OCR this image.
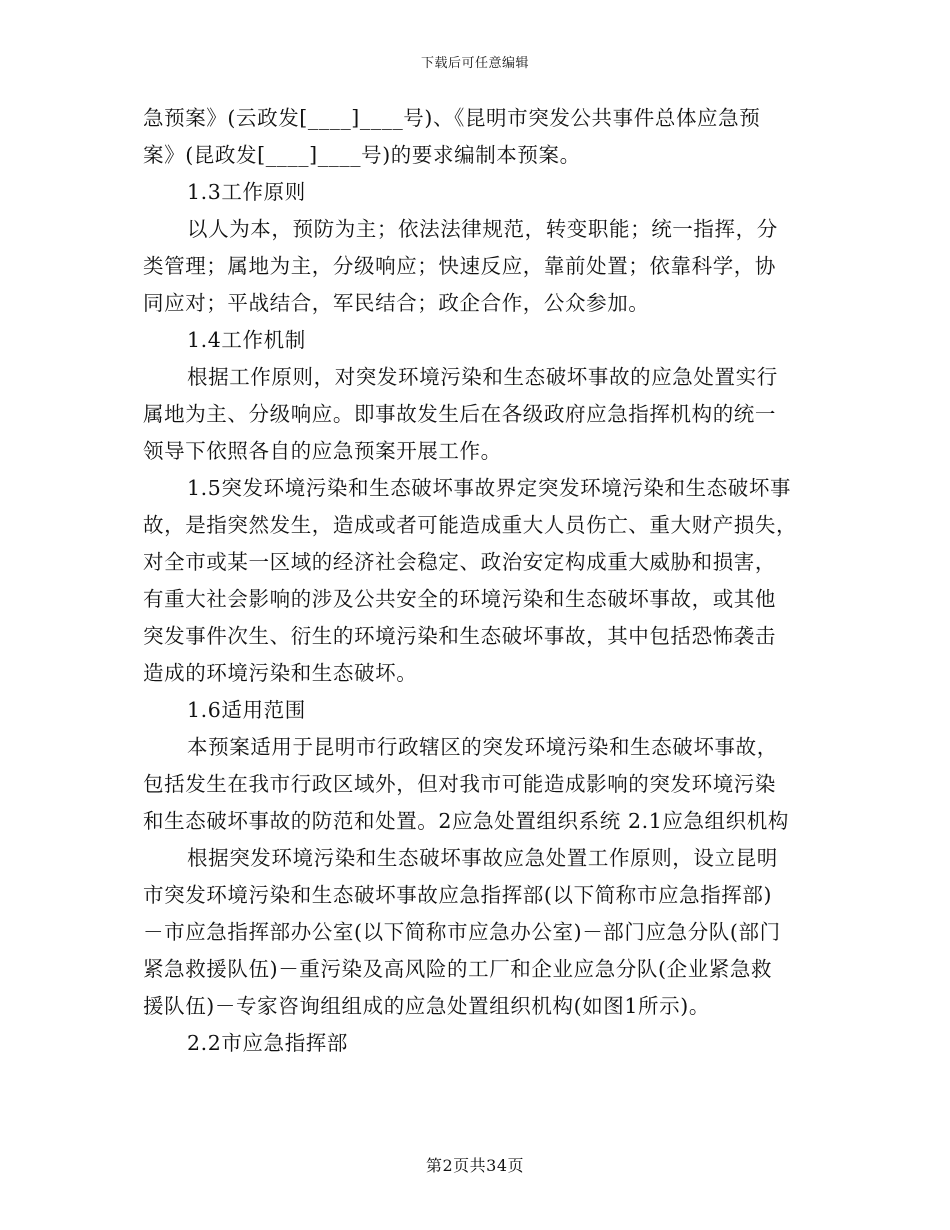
下载后可任意编辑
急预案》(云政发[____]____号)、《昆明市突发公共事件总体应急预
案》(昆政发[____]____号)的要求编制本预案。
1.3工作原则
以人为本，预防为主；依法法律规范，转变职能；统一指挥，分
类管理；属地为主，分级响应；快速反应，靠前处置；依靠科学，协
同应对；平战结合，军民结合；政企合作，公众参加。
1.4工作机制
根据工作原则，对突发环境污染和生态破坏事故的应急处置实行
属地为主、分级响应。即事故发生后在各级政府应急指挥机构的统一
领导下依照各自的应急预案开展工作。
1.5突发环境污染和生态破坏事故界定突发环境污染和生态破坏事
故，是指突然发生，造成或者可能造成重大人员伤亡、重大财产损失，
对全市或某一区域的经济社会稳定、政治安定构成重大威胁和损害，
有重大社会影响的涉及公共安全的环境污染和生态破坏事故，或其他
突发事件次生、衍生的环境污染和生态破坏事故，其中包括恐怖袭击
造成的环境污染和生态破坏。
1.6适用范围
本预案适用于昆明市行政辖区的突发环境污染和生态破坏事故，
包括发生在我市行政区域外，但对我市可能造成影响的突发环境污染
和生态破坏事故的防范和处置。2应急处置组织系统 2.1应急组织机构
根据突发环境污染和生态破坏事故应急处置工作原则，设立昆明
市突发环境污染和生态破坏事故应急指挥部(以下简称市应急指挥部)
－市应急指挥部办公室(以下简称市应急办公室)－部门应急分队(部门
紧急救援队伍)－重污染及高风险的工厂和企业应急分队(企业紧急救
援队伍)－专家咨询组组成的应急处置组织机构(如图1所示)。
2.2市应急指挥部
第2页共34页
